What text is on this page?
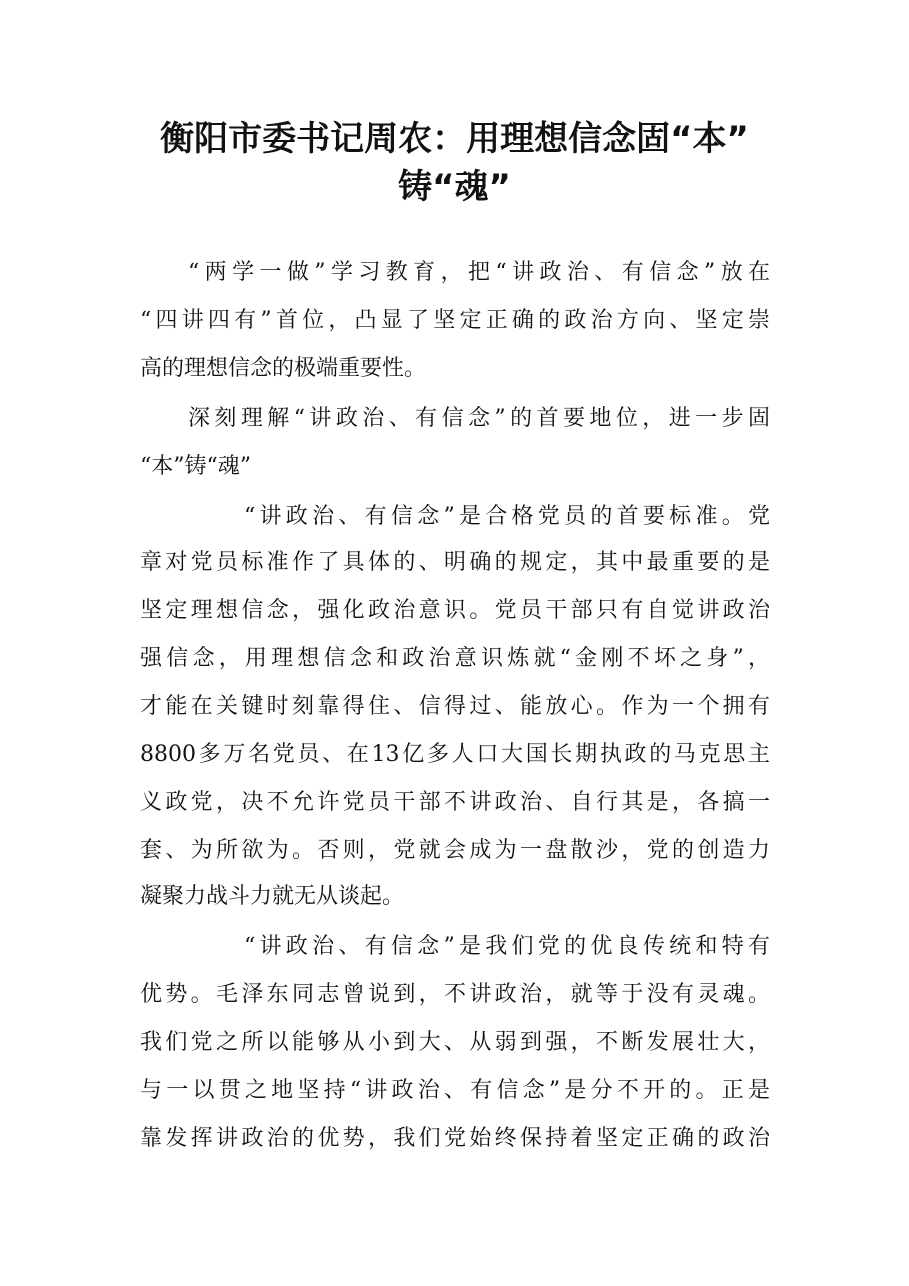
衡阳市委书记周农：用理想信念固“本”
铸“魂”

“两学一做”学习教育，把“讲政治、有信念”放在

“四讲四有”首位，凸显了坚定正确的政治方向、坚定崇

高的理想信念的极端重要性。

深刻理解“讲政治、有信念”的首要地位，进一步固

“本”铸“魂”

“讲政治、有信念”是合格党员的首要标准。党

章对党员标准作了具体的、明确的规定，其中最重要的是

坚定理想信念，强化政治意识。党员干部只有自觉讲政治

强信念，用理想信念和政治意识炼就“金刚不坏之身”，

才能在关键时刻靠得住、信得过、能放心。作为一个拥有

8800多万名党员、在13亿多人口大国长期执政的马克思主

义政党，决不允许党员干部不讲政治、自行其是，各搞一

套、为所欲为。否则，党就会成为一盘散沙，党的创造力

凝聚力战斗力就无从谈起。

“讲政治、有信念”是我们党的优良传统和特有

优势。毛泽东同志曾说到，不讲政治，就等于没有灵魂。

我们党之所以能够从小到大、从弱到强，不断发展壮大，

与一以贯之地坚持“讲政治、有信念”是分不开的。正是

靠发挥讲政治的优势，我们党始终保持着坚定正确的政治
